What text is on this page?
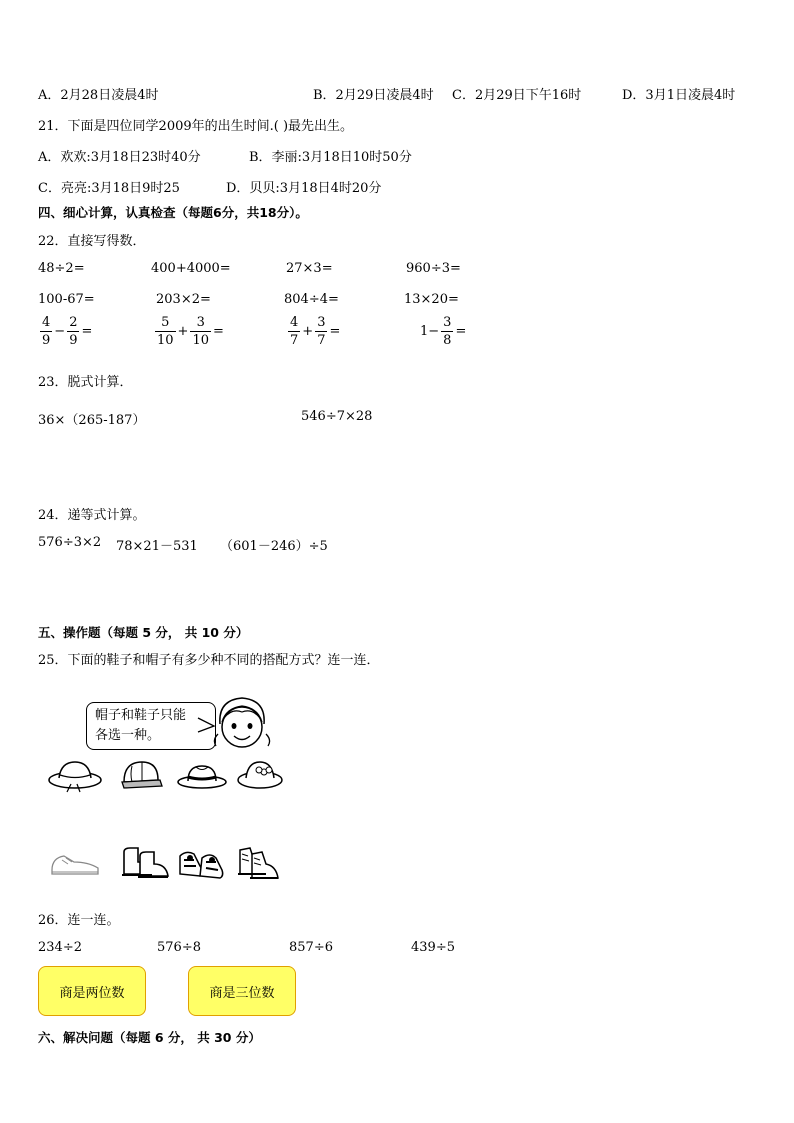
A．2月28日凌晨4时	B．2月29日凌晨4时 C．2月29日下午16时	D．3月1日凌晨4时
21．下面是四位同学2009年的出生时间.( )最先出生。
A．欢欢:3月18日23时40分	B．李丽:3月18日10时50分
C．亮亮:3月18日9时25	D．贝贝:3月18日4时20分
四、细心计算，认真检查（每题6分，共18分）。
22．直接写得数．
48÷2=	400+4000=	27×3=	960÷3=
100-67=	203×2=	804÷4=	13×20=
$\frac{4}{9} - \frac{2}{9}$ =	$\frac{5}{10} + \frac{3}{10}$ =	$\frac{4}{7} + \frac{3}{7}$ =	$1- \frac{3}{8}$ =
23．脱式计算．
36×（265-187）	546÷7×28
24．递等式计算。
576÷3×2 78×21－531 （601－246）÷5
五、操作题（每题 5 分， 共 10 分）
25．下面的鞋子和帽子有多少种不同的搭配方式？连一连．
帽子和鞋子只能
各选一种。
26．连一连。
234÷2	576÷8	857÷6	439÷5
商是两位数	商是三位数
六、解决问题（每题 6 分， 共 30 分）
